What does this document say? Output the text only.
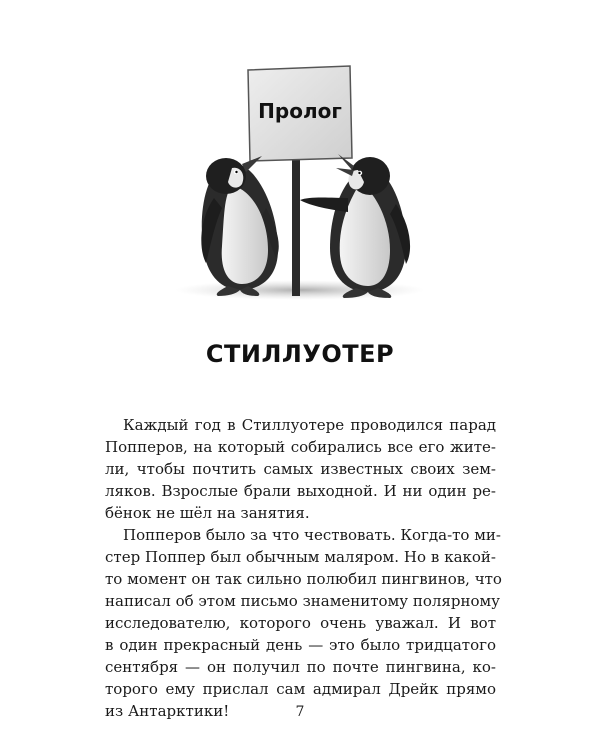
Пролог
СТИЛЛУОТЕР
Каждый год в Стиллуотере проводился парад
Попперов, на который собирались все его жите-
ли, чтобы почтить самых известных своих зем-
ляков. Взрослые брали выходной. И ни один ре-
бёнок не шёл на занятия.
Попперов было за что чествовать. Когда-то ми-
стер Поппер был обычным маляром. Но в какой-
то момент он так сильно полюбил пингвинов, что
написал об этом письмо знаменитому полярному
исследователю, которого очень уважал. И вот
в один прекрасный день — это было тридцатого
сентября — он получил по почте пингвина, ко-
торого ему прислал сам адмирал Дрейк прямо
из Антарктики!	7
